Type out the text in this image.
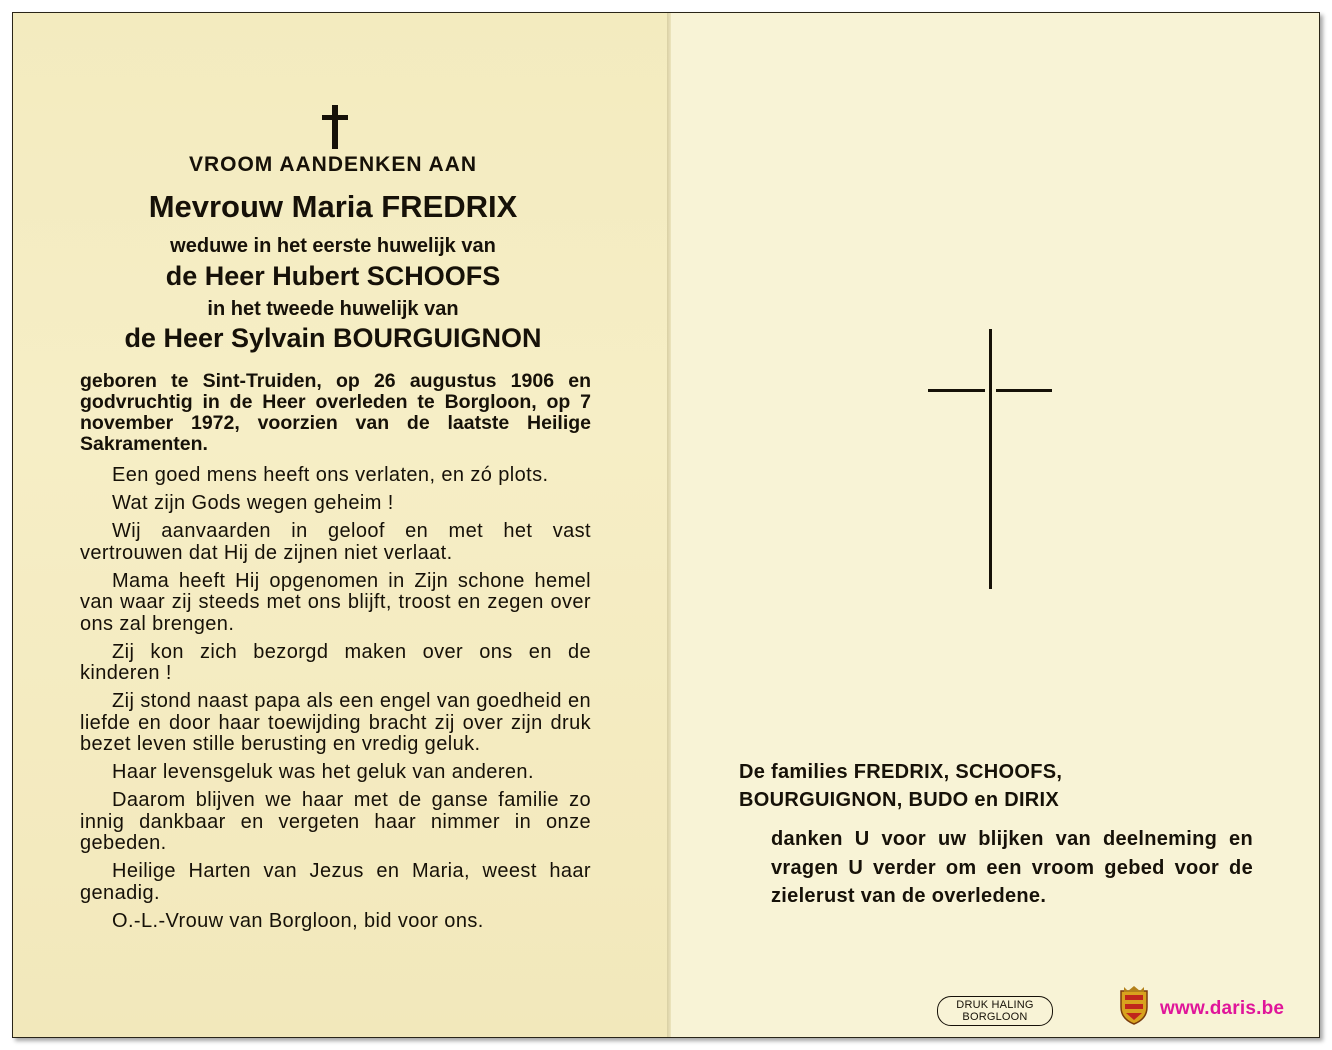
VROOM AANDENKEN AAN
Mevrouw Maria FREDRIX
weduwe in het eerste huwelijk van
de Heer Hubert SCHOOFS
in het tweede huwelijk van
de Heer Sylvain BOURGUIGNON
geboren te Sint-Truiden, op 26 augustus 1906 en godvruchtig in de Heer overleden te Borgloon, op 7 november 1972, voorzien van de laatste Heilige Sakramenten.

Een goed mens heeft ons verlaten, en zó plots.

Wat zijn Gods wegen geheim !

Wij aanvaarden in geloof en met het vast vertrouwen dat Hij de zijnen niet verlaat.

Mama heeft Hij opgenomen in Zijn schone hemel van waar zij steeds met ons blijft, troost en zegen over ons zal brengen.

Zij kon zich bezorgd maken over ons en de kinderen !

Zij stond naast papa als een engel van goedheid en liefde en door haar toewijding bracht zij over zijn druk bezet leven stille berusting en vredig geluk.

Haar levensgeluk was het geluk van anderen.

Daarom blijven we haar met de ganse familie zo innig dankbaar en vergeten haar nimmer in onze gebeden.

Heilige Harten van Jezus en Maria, weest haar genadig.

O.-L.-Vrouw van Borgloon, bid voor ons.

De families FREDRIX, SCHOOFS,
BOURGUIGNON, BUDO en DIRIX
danken U voor uw blijken van deelneming en vragen U verder om een vroom gebed voor de zielerust van de overledene.
DRUK HALING
BORGLOON	www.daris.be
